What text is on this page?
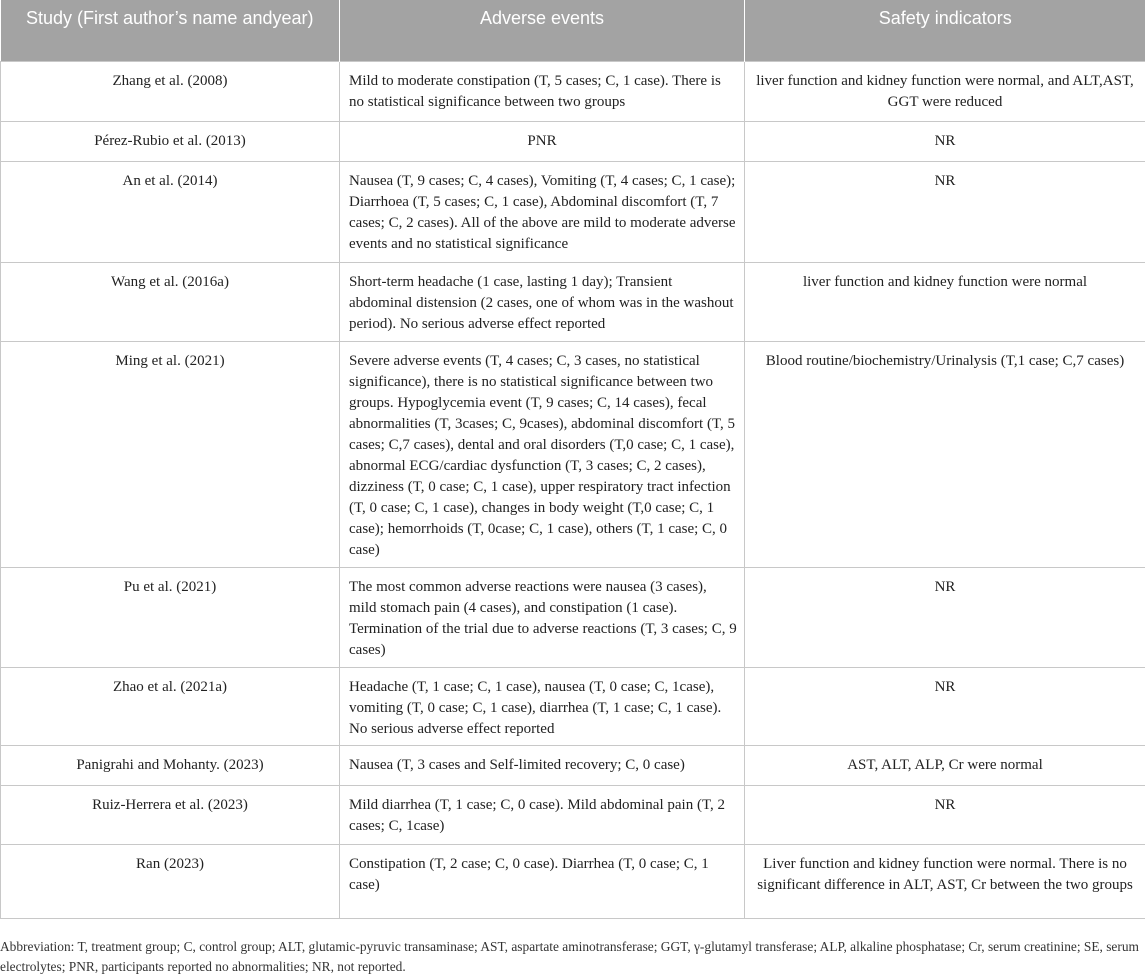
Study (First author’s name andyear)	Adverse events	Safety indicators
Zhang et al. (2008)	Mild to moderate constipation (T, 5 cases; C, 1 case). There is no statistical significance between two groups	liver function and kidney function were normal, and ALT,AST, GGT were reduced
Pérez-Rubio et al. (2013)	PNR	NR
An et al. (2014)	Nausea (T, 9 cases; C, 4 cases), Vomiting (T, 4 cases; C, 1 case); Diarrhoea (T, 5 cases; C, 1 case), Abdominal discomfort (T, 7 cases; C, 2 cases). All of the above are mild to moderate adverse events and no statistical significance	NR
Wang et al. (2016a)	Short-term headache (1 case, lasting 1 day); Transient abdominal distension (2 cases, one of whom was in the washout period). No serious adverse effect reported	liver function and kidney function were normal
Ming et al. (2021)	Severe adverse events (T, 4 cases; C, 3 cases, no statistical significance), there is no statistical significance between two groups. Hypoglycemia event (T, 9 cases; C, 14 cases), fecal abnormalities (T, 3cases; C, 9cases), abdominal discomfort (T, 5 cases; C,7 cases), dental and oral disorders (T,0 case; C, 1 case), abnormal ECG/cardiac dysfunction (T, 3 cases; C, 2 cases), dizziness (T, 0 case; C, 1 case), upper respiratory tract infection (T, 0 case; C, 1 case), changes in body weight (T,0 case; C, 1 case); hemorrhoids (T, 0case; C, 1 case), others (T, 1 case; C, 0 case)	Blood routine/biochemistry/Urinalysis (T,1 case; C,7 cases)
Pu et al. (2021)	The most common adverse reactions were nausea (3 cases), mild stomach pain (4 cases), and constipation (1 case). Termination of the trial due to adverse reactions (T, 3 cases; C, 9 cases)	NR
Zhao et al. (2021a)	Headache (T, 1 case; C, 1 case), nausea (T, 0 case; C, 1case), vomiting (T, 0 case; C, 1 case), diarrhea (T, 1 case; C, 1 case). No serious adverse effect reported	NR
Panigrahi and Mohanty. (2023)	Nausea (T, 3 cases and Self-limited recovery; C, 0 case)	AST, ALT, ALP, Cr were normal
Ruiz-Herrera et al. (2023)	Mild diarrhea (T, 1 case; C, 0 case). Mild abdominal pain (T, 2 cases; C, 1case)	NR
Ran (2023)	Constipation (T, 2 case; C, 0 case). Diarrhea (T, 0 case; C, 1 case)	Liver function and kidney function were normal. There is no significant difference in ALT, AST, Cr between the two groups
Abbreviation: T, treatment group; C, control group; ALT, glutamic-pyruvic transaminase; AST, aspartate aminotransferase; GGT, γ-glutamyl transferase; ALP, alkaline phosphatase; Cr, serum creatinine; SE, serum electrolytes; PNR, participants reported no abnormalities; NR, not reported.
